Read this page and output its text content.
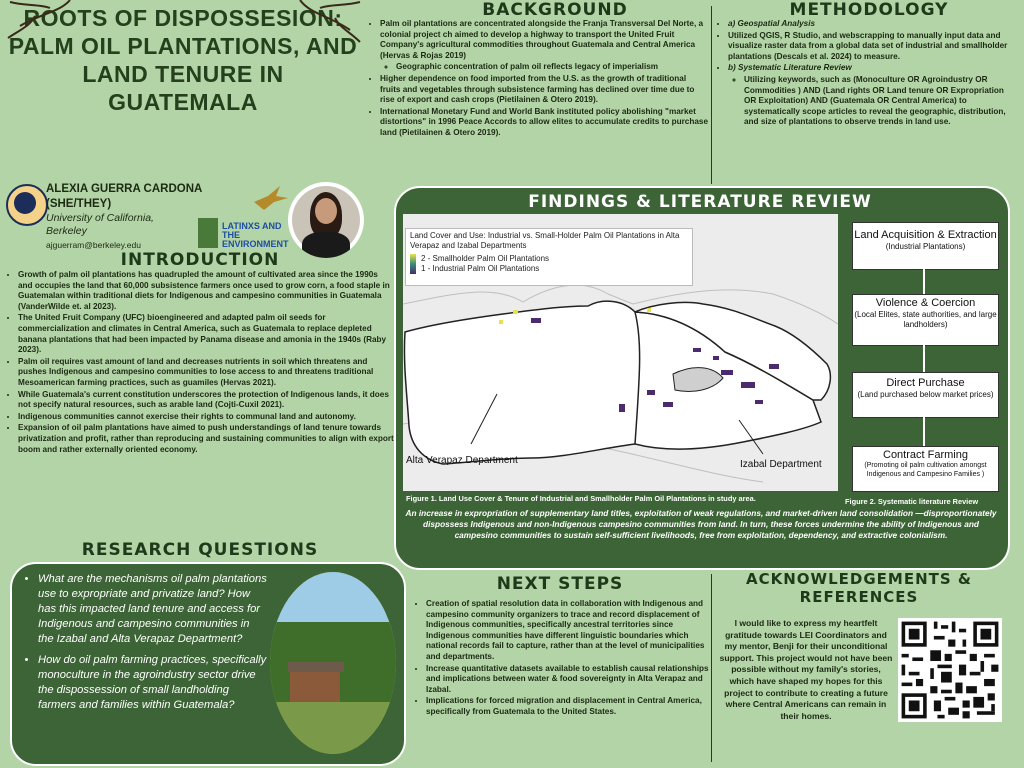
ROOTS OF DISPOSSESION: PALM OIL PLANTATIONS, AND LAND TENURE IN GUATEMALA
ALEXIA GUERRA CARDONA
(SHE/THEY)
University of California, Berkeley
ajguerram@berkeley.edu
LATINXS AND THE ENVIRONMENT
INTRODUCTION
• Growth of palm oil plantations has quadrupled the amount of cultivated area since the 1990s and occupies the land that 60,000 subsistence farmers once used to grow corn, a food staple in Guatemalan within traditional diets for Indigenous and campesino communities in Guatemala (VanderWilde et. al 2023).
• The United Fruit Company (UFC) bioengineered and adapted palm oil seeds for commercialization and climates in Central America, such as Guatemala to replace depleted banana plantations that had been impacted by Panama disease and amonia in the 1940s (Raby 2023).
• Palm oil requires vast amount of land and decreases nutrients in soil which threatens and pushes Indigenous and campesino communities to lose access to and threatens traditional Mesoamerican farming practices, such as guamiles (Hervas 2021).
• While Guatemala's current constitution underscores the protection of Indigenous lands, it does not specify natural resources, such as arable land (Cojti-Cuxil 2021).
• Indigenous communities cannot exercise their rights to communal land and autonomy.
• Expansion of oil palm plantations have aimed to push understandings of land tenure towards privatization and profit, rather than reproducing and sustaining communities to align with export boom and rather externally oriented economy.
RESEARCH QUESTIONS
• What are the mechanisms oil palm plantations use to expropriate and privatize land? How has this impacted land tenure and access for Indigenous and campesino communities in the Izabal and Alta Verapaz Department?
• How do oil palm farming practices, specifically monoculture in the agroindustry sector drive the dispossession of small landholding farmers and families within Guatemala?
BACKGROUND
• Palm oil plantations are concentrated alongside the Franja Transversal Del Norte, a colonial project ch aimed to develop a highway to transport the United Fruit Company's agricultural commodities throughout Guatemala and Central America (Hervas & Rojas 2019)
◦ Geographic concentration of palm oil reflects legacy of imperialism
• Higher dependence on food imported from the U.S. as the growth of traditional fruits and vegetables through subsistence farming has declined over time due to rise of export and cash crops (Pietilainen & Otero 2019).
• International Monetary Fund and World Bank instituted policy abolishing "market distortions" in 1996 Peace Accords to allow elites to accumulate credits to purchase land (Pietilainen & Otero 2019).
METHODOLOGY
• a) Geospatial Analysis
• Utilized QGIS, R Studio, and webscrapping to manually input data and visualize raster data from a global data set of industrial and smallholder plantations (Descals et al. 2024) to measure.
• b) Systematic Literature Review
◦ Utilizing keywords, such as (Monoculture OR Agroindustry OR Commodities ) AND (Land rights OR Land tenure OR Expropriation OR Exploitation) AND (Guatemala OR Central America) to systematically scope articles to reveal the geographic, distribution, and size of plantations to observe trends in land use.
FINDINGS & LITERATURE REVIEW
Land Cover and Use: Industrial vs. Small-Holder Palm Oil Plantations in Alta Verapaz and Izabal Departments
2 - Smallholder Palm Oil Plantations
1 - Industrial Palm Oil Plantations
Alta Verapaz Department	Izabal Department
Figure 1. Land Use Cover & Tenure of Industrial and Smallholder Palm Oil Plantations in study area.
Land Acquisition & Extraction
(Industrial Plantations)
Violence & Coercion
(Local Elites, state authorities, and large landholders)
Direct Purchase
(Land purchased below market prices)
Contract Farming
(Promoting oil palm cultivation amongst Indigenous and Campesino Families )
Figure 2. Systematic literature Review
An increase in expropriation of supplementary land titles, exploitation of weak regulations, and market-driven land consolidation —disproportionately dispossess Indigenous and non-Indigenous campesino communities from land. In turn, these forces undermine the ability of Indigenous and campesino communities to sustain self-sufficient livelihoods, free from exploitation, dependency, and extractive colonialism.
NEXT STEPS
• Creation of spatial resolution data in collaboration with Indigenous and campesino community organizers to trace and record displacement of Indigenous communities, specifically ancestral territories since Indigenous communities have different linguistic boundaries which national records fail to capture, rather than at the level of municipalities and departments.
• Increase quantitative datasets available to establish causal relationships and implications between water & food sovereignty in Alta Verapaz and Izabal.
• Implications for forced migration and displacement in Central America, specifically from Guatemala to the United States.
ACKNOWLEDGEMENTS & REFERENCES
I would like to express my heartfelt gratitude towards LEI Coordinators and my mentor, Benji for their unconditional support. This project would not have been possible without my family's stories, which have shaped my hopes for this project to contribute to creating a future where Central Americans can remain in their homes.
